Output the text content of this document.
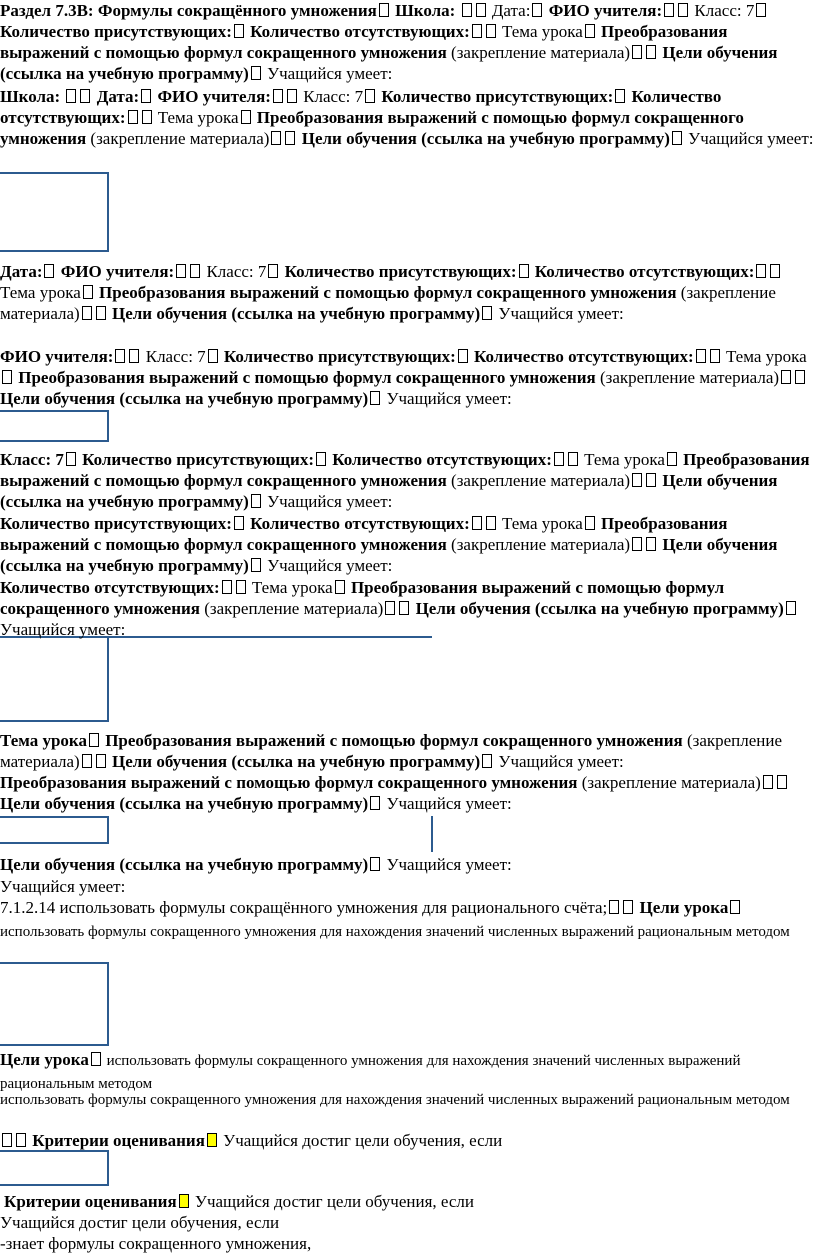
Раздел 7.3В: Формулы сокращённого умножения Школа:  Дата: ФИО учителя: Класс: 7 Количество присутствующих: Количество отсутствующих: Тема урока Преобразования выражений с помощью формул сокращенного умножения (закрепление материала) Цели обучения (ссылка на учебную программу) Учащийся умеет:
Школа:  Дата: ФИО учителя: Класс: 7 Количество присутствующих: Количество отсутствующих: Тема урока Преобразования выражений с помощью формул сокращенного умножения (закрепление материала) Цели обучения (ссылка на учебную программу) Учащийся умеет:
Дата: ФИО учителя: Класс: 7 Количество присутствующих: Количество отсутствующих: Тема урока Преобразования выражений с помощью формул сокращенного умножения (закрепление материала) Цели обучения (ссылка на учебную программу) Учащийся умеет:
ФИО учителя: Класс: 7 Количество присутствующих: Количество отсутствующих: Тема урока Преобразования выражений с помощью формул сокращенного умножения (закрепление материала) Цели обучения (ссылка на учебную программу) Учащийся умеет:
Класс: 7 Количество присутствующих: Количество отсутствующих: Тема урока Преобразования выражений с помощью формул сокращенного умножения (закрепление материала) Цели обучения (ссылка на учебную программу) Учащийся умеет:
Количество присутствующих: Количество отсутствующих: Тема урока Преобразования выражений с помощью формул сокращенного умножения (закрепление материала) Цели обучения (ссылка на учебную программу) Учащийся умеет:
Количество отсутствующих: Тема урока Преобразования выражений с помощью формул сокращенного умножения (закрепление материала) Цели обучения (ссылка на учебную программу) Учащийся умеет:
Тема урока Преобразования выражений с помощью формул сокращенного умножения (закрепление материала) Цели обучения (ссылка на учебную программу) Учащийся умеет:
Преобразования выражений с помощью формул сокращенного умножения (закрепление материала) Цели обучения (ссылка на учебную программу) Учащийся умеет:
Цели обучения (ссылка на учебную программу) Учащийся умеет:
Учащийся умеет:
7.1.2.14 использовать формулы сокращённого умножения для рационального счёта; Цели урока использовать формулы сокращенного умножения для нахождения значений численных выражений рациональным методом
Цели урока использовать формулы сокращенного умножения для нахождения значений численных выражений рациональным методом
использовать формулы сокращенного умножения для нахождения значений численных выражений рациональным методом
Критерии оценивания Учащийся достиг цели обучения, если
Критерии оценивания Учащийся достиг цели обучения, если
Учащийся достиг цели обучения, если
-знает формулы сокращенного умножения,
